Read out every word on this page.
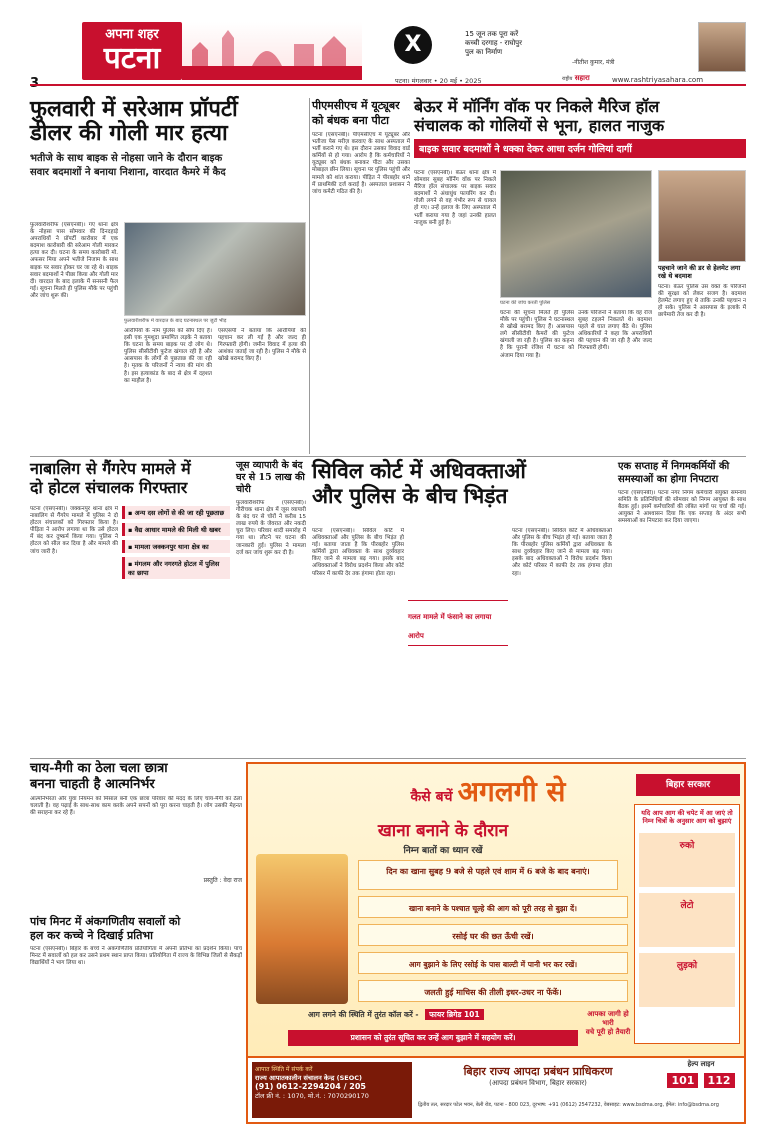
अपना शहर
पटना	X	15 जून तक पूरा करें
कच्ची दरगाह - राघोपुर
पुल का निर्माण
-नीतीश कुमार, मंत्री
पटना। मंगलवार • 20 मई • 2025	राष्ट्रीय सहारा	www.rashtriyasahara.com
फुलवारी में सरेआम प्रॉपर्टी
डीलर की गोली मार हत्या
भतीजे के साथ बाइक से नोहसा जाने के दौरान बाइक
सवार बदमाशों ने बनाया निशाना, वारदात कैमरे में कैद
फुलवारीशरीफ (एसएनबी)। गए थाना क्षेत्र के नोहसा पास सोमवार की दिनदहाड़े अपराधियों ने प्रॉपर्टी कारोबार में एक बदमाश कारोबारी की सरेआम गोली मारकर हत्या कर दी। घटना के समय कारोबारी मो. अफसर मिया अपने भतीजे निजाम के साथ बाइक पर सवार होकर घर जा रहे थे। बाइक सवार बदमाशों ने पीछा किया और गोली मार दी। वारदात के बाद इलाके में सनसनी फैल गई। सूचना मिलते ही पुलिस मौके पर पहुंची और जांच शुरू की।
फुलवारीशरीफ में वारदात के बाद घटनास्थल पर जुटी भीड़
आरोपियों के नाम पुलिस को सौंप दिए हैं। इसी एक गुमशुदा प्रमाणित लड़के ने बताया कि घटना के समय बाइक पर दो लोग थे। पुलिस सीसीटीवी फुटेज खंगाल रही है और आसपास के लोगों से पूछताछ की जा रही है। मृतक के परिजनों ने न्याय की मांग की है। इस हत्याकांड के बाद से क्षेत्र में दहशत का माहौल है।
एसएसपी ने बताया कि आरोपियों की पहचान कर ली गई है और जल्द ही गिरफ्तारी होगी। जमीन विवाद में हत्या की आशंका जताई जा रही है। पुलिस ने मौके से खोखे बरामद किए हैं।
पीएमसीएच में यूट्यूबर को बंधक बना पीटा
पटना (एसएनबी)। पीएमसीएच में यूट्यूबर और भतीजा पेस मरीज़ करवाए के साथ अस्पताल में भर्ती कराने गए थे। इस दौरान उसका विवाद वार्ड कर्मियों से हो गया। आरोप है कि कर्मचारियों ने यूट्यूबर को बंधक बनाकर पीटा और उसका मोबाइल छीन लिया। सूचना पर पुलिस पहुंची और मामले को शांत कराया। पीड़ित ने पीरबहोर थाने में प्राथमिकी दर्ज कराई है। अस्पताल प्रशासन ने जांच कमेटी गठित की है।
बेऊर में मॉर्निंग वॉक पर निकले मैरिज हॉल
संचालक को गोलियों से भूना, हालत नाजुक
बाइक सवार बदमाशों ने धक्का देकर आधा दर्जन गोलियां दागीं
पटना (एसएनबी)। बेऊर थाना क्षेत्र में सोमवार सुबह मॉर्निंग वॉक पर निकले मैरिज हॉल संचालक पर बाइक सवार बदमाशों ने अंधाधुंध फायरिंग कर दी। गोली लगने से वह गंभीर रूप से घायल हो गए। उन्हें इलाज के लिए अस्पताल में भर्ती कराया गया है जहां उनकी हालत नाजुक बनी हुई है।
घटना की जांच करती पुलिस
पहचाने जाने की डर से हेलमेट लगा रखे थे बदमाश
घटना की सूचना मिलते ही पुलिस मौके पर पहुंची। पुलिस ने घटनास्थल से खोखे बरामद किए हैं। आसपास लगे सीसीटीवी कैमरों की फुटेज खंगाली जा रही है। पुलिस का कहना है कि पुरानी रंजिश में घटना को अंजाम दिया गया है।
उनके परिजनों ने बताया कि वह रोज सुबह टहलने निकलते थे। बदमाश पहले से घात लगाए बैठे थे। पुलिस अधिकारियों ने कहा कि अपराधियों की पहचान की जा रही है और जल्द गिरफ्तारी होगी।
पटना। बेऊर पुलिस उस वक्त के परिजनों की सुरक्षा को लेकर सजग है। बदमाश हेलमेट लगाए हुए थे ताकि उनकी पहचान न हो सके। पुलिस ने आसपास के इलाके में छापेमारी तेज कर दी है।
नाबालिग से गैंगरेप मामले में
दो होटल संचालक गिरफ्तार
पटना (एसएनबी)। जक्कनपुर थाना क्षेत्र में नाबालिग से गैंगरेप मामले में पुलिस ने दो होटल संचालकों को गिरफ्तार किया है। पीड़िता ने आरोप लगाया था कि उसे होटल में बंद कर दुष्कर्म किया गया। पुलिस ने होटल को सील कर दिया है और मामले की जांच जारी है।
▪ अन्य दस लोगों से की जा रही पूछताछ
▪ वैद्य आधार मामले की मिली थी खबर
▪ मामला जक्कनपुर थाना क्षेत्र का
▪ मंगलम और नगरगते होटल में पुलिस का छापा
जूस व्यापारी के बंद घर से 15 लाख की चोरी
फुलवारीशरीफ (एसएनबी)। गौरीचक थाना क्षेत्र में जूस व्यापारी के बंद घर से चोरों ने करीब 15 लाख रुपये के जेवरात और नकदी चुरा लिए। परिवार शादी समारोह में गया था। लौटने पर घटना की जानकारी हुई। पुलिस ने मामला दर्ज कर जांच शुरू कर दी है।
सिविल कोर्ट में अधिवक्ताओं
और पुलिस के बीच भिड़ंत
पटना (एसएनबी)। सिविल कोर्ट में अधिवक्ताओं और पुलिस के बीच भिड़ंत हो गई। बताया जाता है कि पीरबहोर पुलिस कर्मियों द्वारा अधिवक्ता के साथ दुर्व्यवहार किए जाने से मामला बढ़ गया। इसके बाद अधिवक्ताओं ने विरोध प्रदर्शन किया और कोर्ट परिसर में काफी देर तक हंगामा होता रहा।
गलत मामले में फंसाने का लगाया आरोप
पटना (एसएनबी)। सिविल कोर्ट में अधिवक्ताओं और पुलिस के बीच भिड़ंत हो गई। बताया जाता है कि पीरबहोर पुलिस कर्मियों द्वारा अधिवक्ता के साथ दुर्व्यवहार किए जाने से मामला बढ़ गया। इसके बाद अधिवक्ताओं ने विरोध प्रदर्शन किया और कोर्ट परिसर में काफी देर तक हंगामा होता रहा।
एक सप्ताह में निगमकर्मियों की समस्याओं का होगा निपटारा
पटना (एसएनबी)। पटना नगर निगम कर्मचारी संयुक्त समन्वय समिति के प्रतिनिधियों की सोमवार को निगम आयुक्त के साथ बैठक हुई। इसमें कर्मचारियों की लंबित मांगों पर चर्चा की गई। आयुक्त ने आश्वासन दिया कि एक सप्ताह के अंदर सभी समस्याओं का निपटारा कर दिया जाएगा।
चाय-मैगी का ठेला चला छात्रा
बनना चाहती है आत्मनिर्भर
आत्मनिर्भरता और युवा नियमन को मिसाल बनी एक छात्रा परिवार की मदद के लिए चाय-मैगी का ठेला चलाती है। वह पढ़ाई के साथ-साथ काम करके अपने सपनों को पूरा करना चाहती है। लोग उसकी मेहनत की सराहना कर रहे हैं।
प्रस्तुति : वेदा राज
पांच मिनट में अंकगणितीय सवालों को
हल कर कच्चे ने दिखाई प्रतिभा
पटना (एसएनबी)। बिहार के बच्चे ने अंकगणितीय प्रतियोगिता में अपनी प्रतिभा का प्रदर्शन किया। पांच मिनट में सवालों को हल कर उसने प्रथम स्थान प्राप्त किया। प्रतियोगिता में राज्य के विभिन्न जिलों से सैकड़ों विद्यार्थियों ने भाग लिया था।
कैसे बचें अगलगी से	बिहार सरकार
खाना बनाने के दौरान
निम्न बातों का ध्यान रखें
दिन का खाना सुबह 9 बजे से पहले एवं शाम में 6 बजे के बाद बनाएं।
खाना बनाने के पश्चात चूल्हे की आग को पूरी तरह से बुझा दें।
रसोई घर की छत ऊँची रखें।
आग बुझाने के लिए रसोई के पास बाल्टी में पानी भर कर रखें।
जलती हुई माचिस की तीली इधर-उधर ना फेंकें।
यदि आप आग की चपेट में आ जाएं तो निम्न चित्रों के अनुसार आग को बुझाएं
रुको
लेटो
लुड़को
आग लगने की स्थिति में तुरंत कॉल करें - फायर ब्रिगेड 101
प्रशासन को तुरंत सूचित कर उन्हें आग बुझाने में सहयोग करें।
आपका जागी हो भारी
वचे पूरी हो तैयारी
आपात स्थिति में संपर्क करें
राज्य आपातकालीन संचालन केन्द्र (SEOC)
(91) 0612-2294204 / 205
टॉल फ्री नं. : 1070, मो.नं. : 7070290170
बिहार राज्य आपदा प्रबंधन प्राधिकरण
(आपदा प्रबंधन विभाग, बिहार सरकार)
हेल्प लाइन
101 112
द्वितीय तल, सरदार पटेल भवन, बेली रोड, पटना - 800 023, दूरभाष: +91 (0612) 2547232, वेबसाइट: www.bsdma.org, ईमेल: info@bsdma.org
